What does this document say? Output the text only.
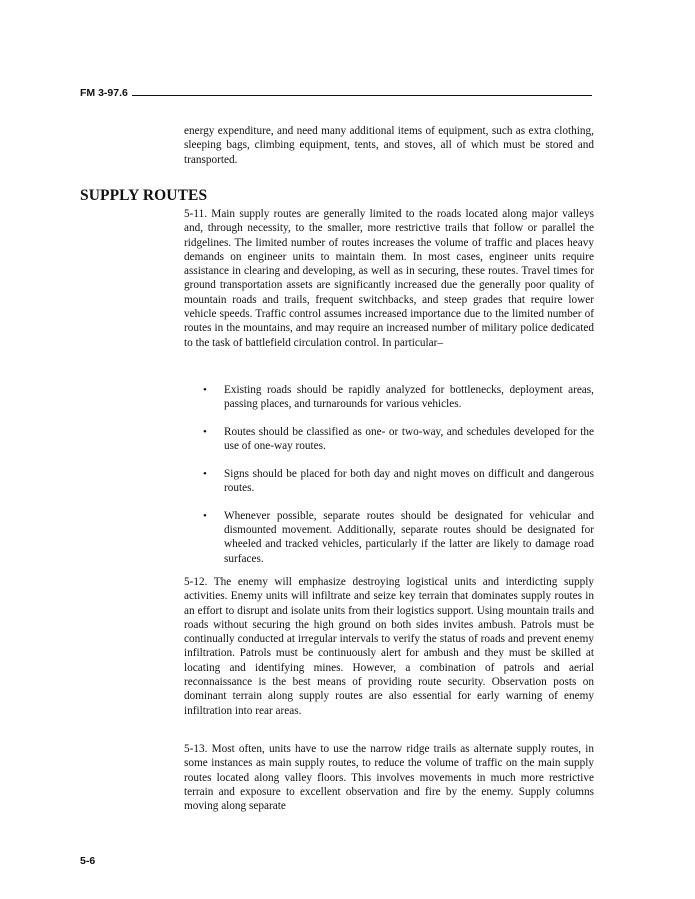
FM 3-97.6

energy expenditure, and need many additional items of equipment, such as extra clothing, sleeping bags, climbing equipment, tents, and stoves, all of which must be stored and transported.

SUPPLY ROUTES

5-11. Main supply routes are generally limited to the roads located along major valleys and, through necessity, to the smaller, more restrictive trails that follow or parallel the ridgelines. The limited number of routes increases the volume of traffic and places heavy demands on engineer units to maintain them. In most cases, engineer units require assistance in clearing and developing, as well as in securing, these routes. Travel times for ground transportation assets are significantly increased due the generally poor quality of mountain roads and trails, frequent switchbacks, and steep grades that require lower vehicle speeds. Traffic control assumes increased importance due to the limited number of routes in the mountains, and may require an increased number of military police dedicated to the task of battlefield circulation control. In particular–

• Existing roads should be rapidly analyzed for bottlenecks, deployment areas, passing places, and turnarounds for various vehicles.
• Routes should be classified as one- or two-way, and schedules developed for the use of one-way routes.
• Signs should be placed for both day and night moves on difficult and dangerous routes.
• Whenever possible, separate routes should be designated for vehicular and dismounted movement. Additionally, separate routes should be designated for wheeled and tracked vehicles, particularly if the latter are likely to damage road surfaces.

5-12. The enemy will emphasize destroying logistical units and interdicting supply activities. Enemy units will infiltrate and seize key terrain that dominates supply routes in an effort to disrupt and isolate units from their logistics support. Using mountain trails and roads without securing the high ground on both sides invites ambush. Patrols must be continually conducted at irregular intervals to verify the status of roads and prevent enemy infiltration. Patrols must be continuously alert for ambush and they must be skilled at locating and identifying mines. However, a combination of patrols and aerial reconnaissance is the best means of providing route security. Observation posts on dominant terrain along supply routes are also essential for early warning of enemy infiltration into rear areas.

5-13. Most often, units have to use the narrow ridge trails as alternate supply routes, in some instances as main supply routes, to reduce the volume of traffic on the main supply routes located along valley floors. This involves movements in much more restrictive terrain and exposure to excellent observation and fire by the enemy. Supply columns moving along separate

5-6
